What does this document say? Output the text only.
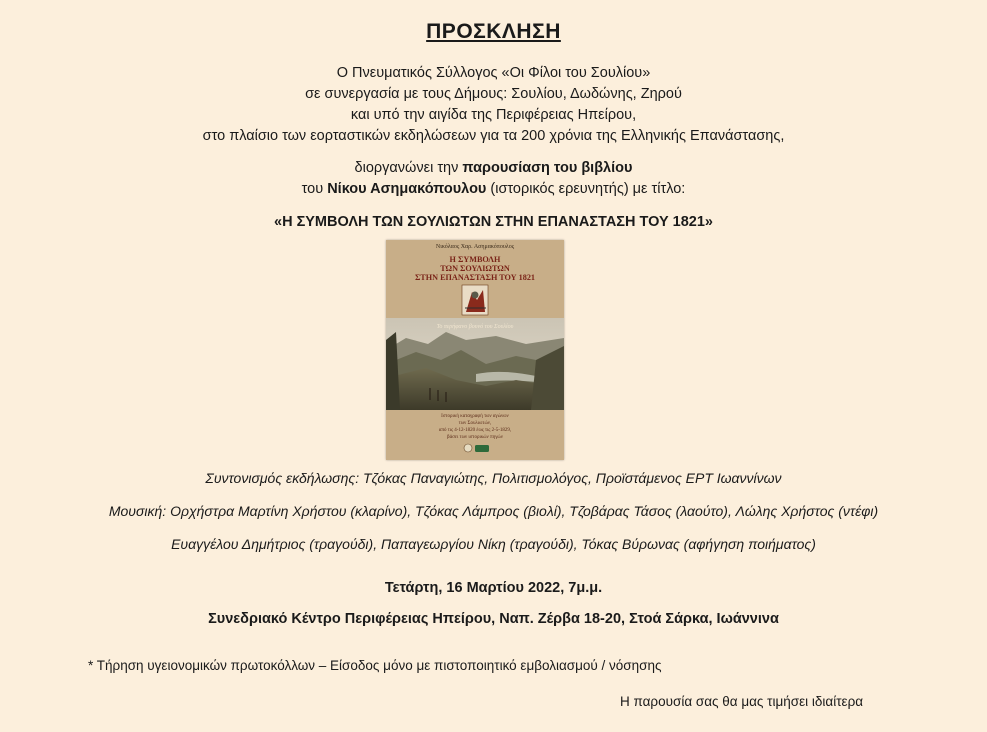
ΠΡΟΣΚΛΗΣΗ
Ο Πνευματικός Σύλλογος «Οι Φίλοι του Σουλίου»
σε συνεργασία με τους Δήμους: Σουλίου, Δωδώνης, Ζηρού
και υπό την αιγίδα της Περιφέρειας Ηπείρου,
στο πλαίσιο των εορταστικών εκδηλώσεων για τα 200 χρόνια της Ελληνικής Επανάστασης,
διοργανώνει την παρουσίαση του βιβλίου
του Νίκου Ασημακόπουλου (ιστορικός ερευνητής) με τίτλο:
«Η ΣΥΜΒΟΛΗ ΤΩΝ ΣΟΥΛΙΩΤΩΝ ΣΤΗΝ ΕΠΑΝΑΣΤΑΣΗ ΤΟΥ 1821»
Νικόλαος Χαρ. Ασημακόπουλος
Η ΣΥΜΒΟΛΗ
ΤΩΝ ΣΟΥΛΙΩΤΩΝ
ΣΤΗΝ ΕΠΑΝΑΣΤΑΣΗ ΤΟΥ 1821
Το περήφανο βουνό του Σουλίου
Ιστορική καταγραφή των αγώνων
των Σουλιωτών,
από τις 4-12-1820 έως τις 2-5-1829,
βάσει των ιστορικών πηγών
Συντονισμός εκδήλωσης: Τζόκας Παναγιώτης, Πολιτισμολόγος, Προϊστάμενος ΕΡΤ Ιωαννίνων
Μουσική: Ορχήστρα Μαρτίνη Χρήστου (κλαρίνο), Τζόκας Λάμπρος (βιολί), Τζοβάρας Τάσος (λαούτο), Λώλης Χρήστος (ντέφι)
Ευαγγέλου Δημήτριος (τραγούδι), Παπαγεωργίου Νίκη (τραγούδι), Τόκας Βύρωνας (αφήγηση ποιήματος)
Τετάρτη, 16 Μαρτίου 2022, 7μ.μ.
Συνεδριακό Κέντρο Περιφέρειας Ηπείρου, Ναπ. Ζέρβα 18-20, Στοά Σάρκα, Ιωάννινα
* Τήρηση υγειονομικών πρωτοκόλλων – Είσοδος μόνο με πιστοποιητικό εμβολιασμού / νόσησης
Η παρουσία σας θα μας τιμήσει ιδιαίτερα
